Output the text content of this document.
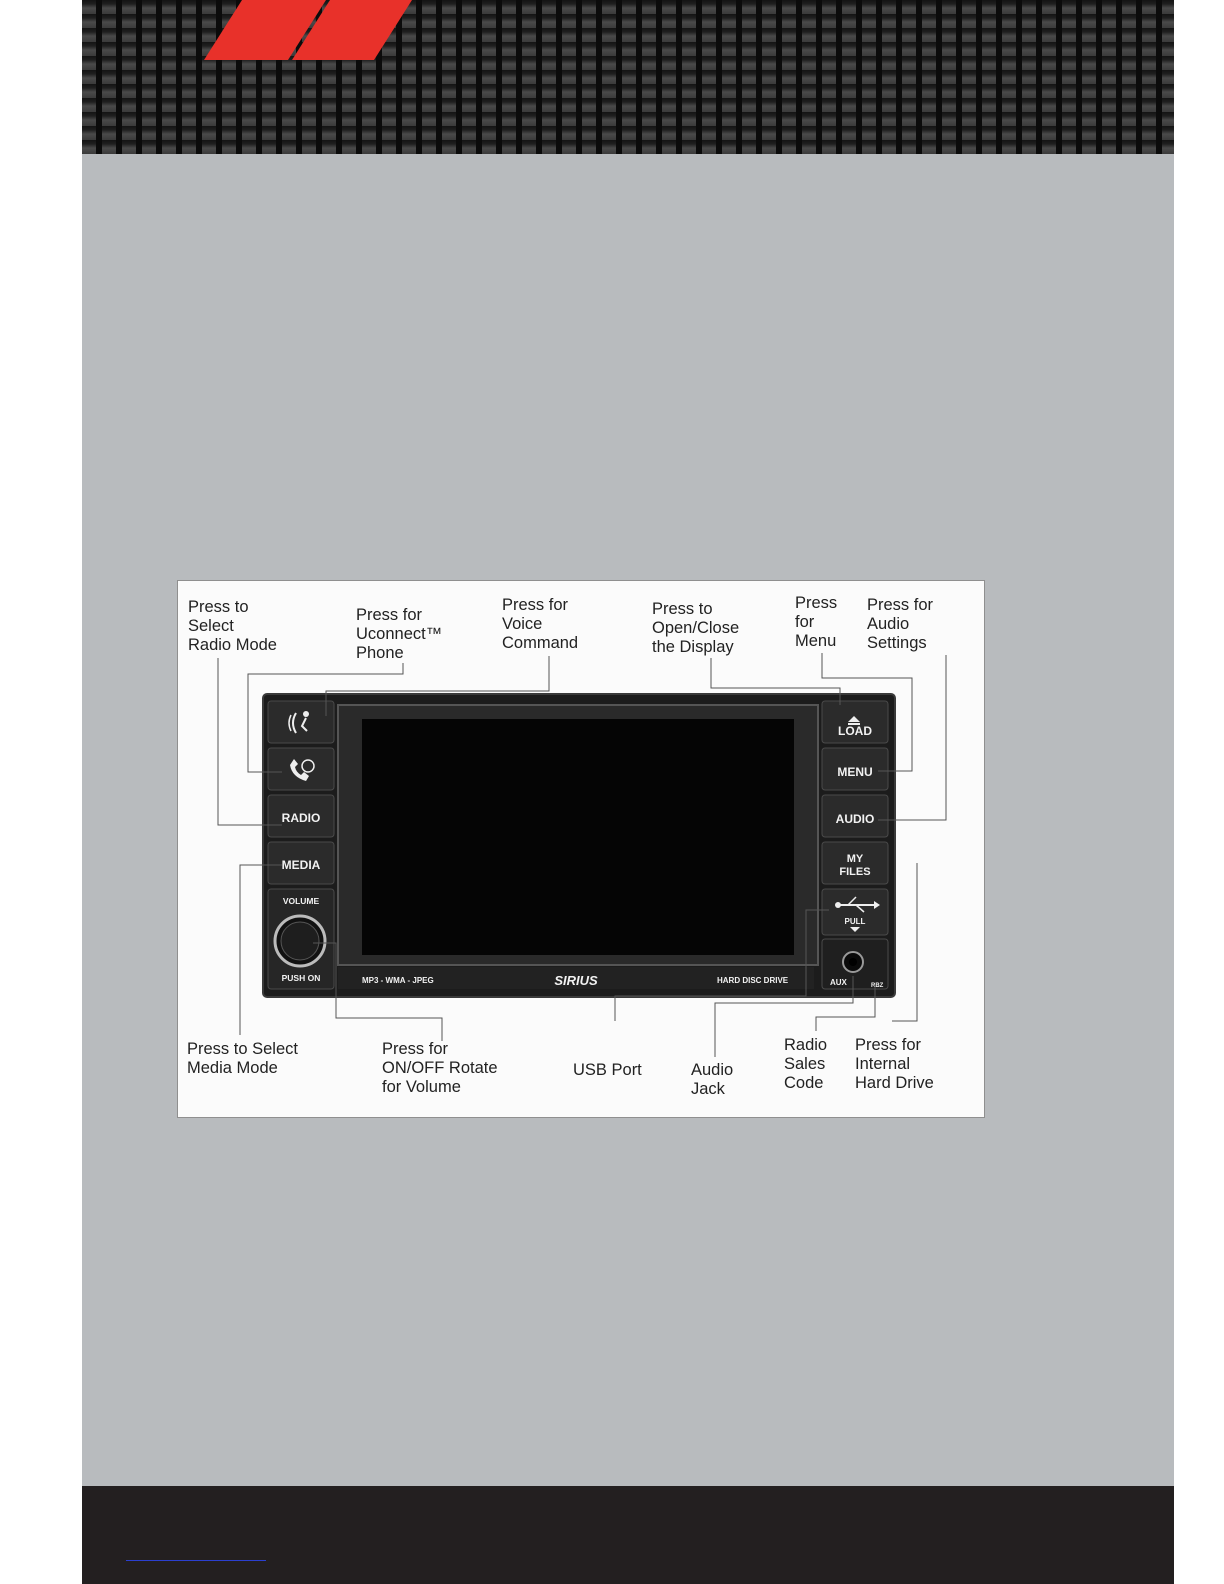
RADIO
MEDIA
VOLUME
PUSH ON
LOAD
MENU
AUDIO
MY
FILES
PULL
AUX	RBZ
MP3 - WMA - JPEG	SIRIUS	HARD DISC DRIVE
Press to
Select
Radio Mode
Press for
Uconnect™
Phone
Press for
Voice
Command
Press to
Open/Close
the Display
Press
for
Menu
Press for
Audio
Settings
Press to Select
Media Mode
Press for
ON/OFF Rotate
for Volume
USB Port	Audio
Jack
Radio
Sales
Code
Press for
Internal
Hard Drive
